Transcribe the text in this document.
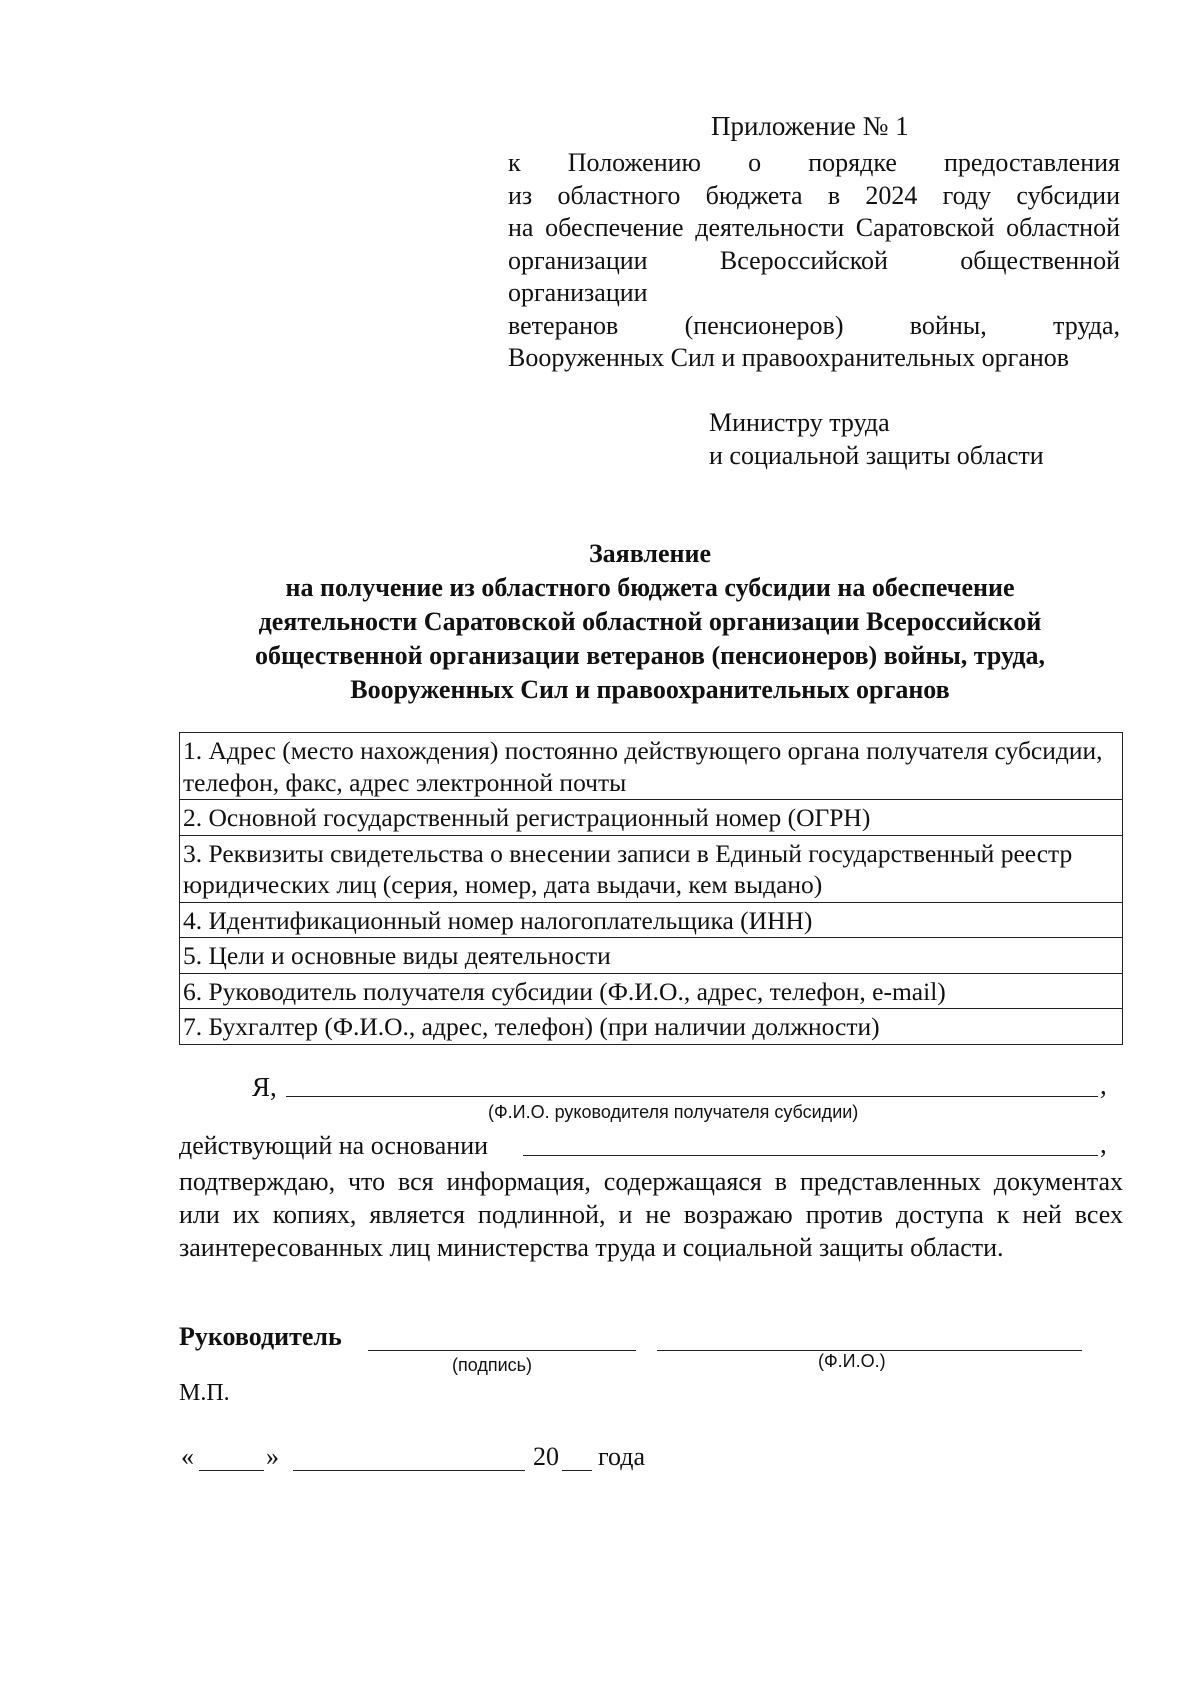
Приложение № 1
к Положению о порядке предоставления
из областного бюджета в 2024 году субсидии
на обеспечение деятельности Саратовской областной
организации Всероссийской общественной организации
ветеранов (пенсионеров) войны, труда,
Вооруженных Сил и правоохранительных органов
Министру труда
и социальной защиты области
Заявление
на получение из областного бюджета субсидии на обеспечение
деятельности Саратовской областной организации Всероссийской
общественной организации ветеранов (пенсионеров) войны, труда,
Вооруженных Сил и правоохранительных органов
1. Адрес (место нахождения) постоянно действующего органа получателя субсидии, телефон, факс, адрес электронной почты
2. Основной государственный регистрационный номер (ОГРН)
3. Реквизиты свидетельства о внесении записи в Единый государственный реестр юридических лиц (серия, номер, дата выдачи, кем выдано)
4. Идентификационный номер налогоплательщика (ИНН)
5. Цели и основные виды деятельности
6. Руководитель получателя субсидии (Ф.И.О., адрес, телефон, e-mail)
7. Бухгалтер (Ф.И.О., адрес, телефон) (при наличии должности)
Я,	,
(Ф.И.О. руководителя получателя субсидии)
действующий на основании	,
подтверждаю, что вся информация, содержащаяся в представленных документах или их копиях, является подлинной, и не возражаю против доступа к ней всех заинтересованных лиц министерства труда и социальной защиты области.
Руководитель
(подпись)	(Ф.И.О.)
М.П.
«	»	20 года
